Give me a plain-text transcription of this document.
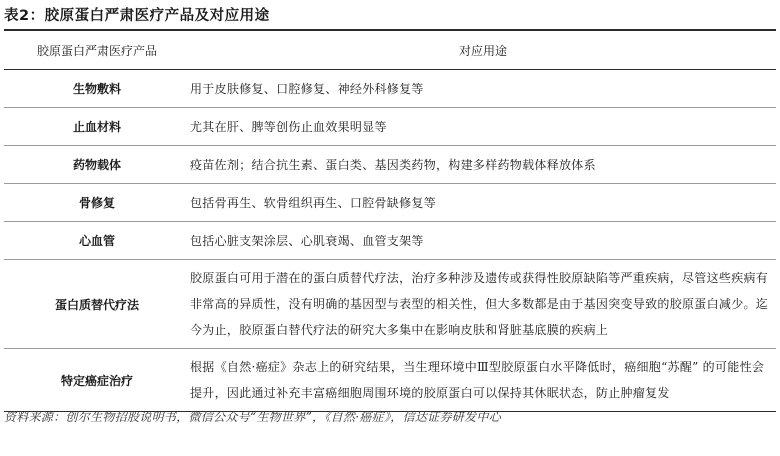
表2：胶原蛋白严肃医疗产品及对应用途
胶原蛋白严肃医疗产品	对应用途
生物敷料	用于皮肤修复、口腔修复、神经外科修复等
止血材料	尤其在肝、脾等创伤止血效果明显等
药物载体	疫苗佐剂；结合抗生素、蛋白类、基因类药物，构建多样药物载体释放体系
骨修复	包括骨再生、软骨组织再生、口腔骨缺修复等
心血管	包括心脏支架涂层、心肌衰竭、血管支架等
蛋白质替代疗法	胶原蛋白可用于潜在的蛋白质替代疗法，治疗多种涉及遗传或获得性胶原缺陷等严重疾病，尽管这些疾病有非常高的异质性，没有明确的基因型与表型的相关性，但大多数都是由于基因突变导致的胶原蛋白减少。迄今为止，胶原蛋白替代疗法的研究大多集中在影响皮肤和肾脏基底膜的疾病上
特定癌症治疗	根据《自然·癌症》杂志上的研究结果，当生理环境中Ⅲ型胶原蛋白水平降低时，癌细胞“苏醒” 的可能性会提升，因此通过补充丰富癌细胞周围环境的胶原蛋白可以保持其休眠状态，防止肿瘤复发
资料来源：创尔生物招股说明书，微信公众号“生物世界”，《自然·癌症》，信达证券研发中心
